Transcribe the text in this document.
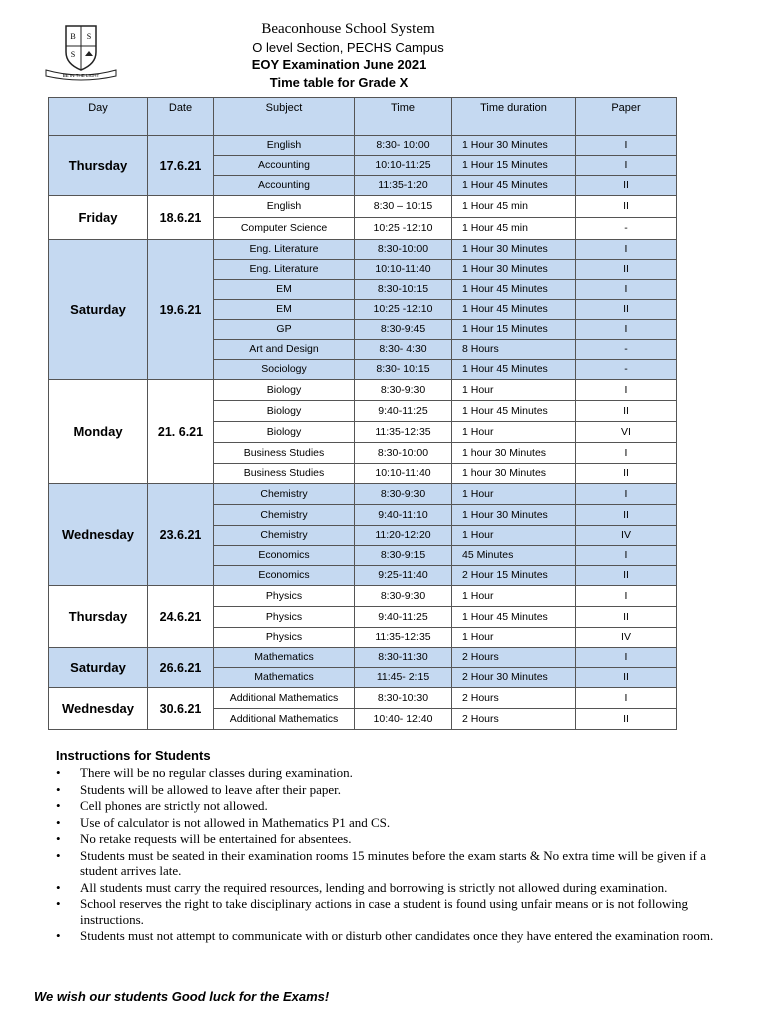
B S
S
BE IN THE LIGHT
Beaconhouse School System
O level Section, PECHS Campus
EOY Examination June 2021
Time table for Grade X
Day	Date	Subject	Time	Time duration	Paper
Thursday	17.6.21	English	8:30- 10:00	1 Hour 30 Minutes	I
		Accounting	10:10-11:25	1 Hour 15 Minutes	I
		Accounting	11:35-1:20	1 Hour 45 Minutes	II
Friday	18.6.21	English	8:30 – 10:15	1 Hour 45 min	II
		Computer Science	10:25 -12:10	1 Hour 45 min	-
Saturday	19.6.21	Eng. Literature	8:30-10:00	1 Hour 30 Minutes	I
		Eng. Literature	10:10-11:40	1 Hour 30 Minutes	II
		EM	8:30-10:15	1 Hour 45 Minutes	I
		EM	10:25 -12:10	1 Hour 45 Minutes	II
		GP	8:30-9:45	1 Hour 15 Minutes	I
		Art and Design	8:30- 4:30	8 Hours	-
		Sociology	8:30- 10:15	1 Hour 45 Minutes	-
Monday	21. 6.21	Biology	8:30-9:30	1 Hour	I
		Biology	9:40-11:25	1 Hour 45 Minutes	II
		Biology	11:35-12:35	1 Hour	VI
		Business Studies	8:30-10:00	1 hour 30 Minutes	I
		Business Studies	10:10-11:40	1 hour 30 Minutes	II
Wednesday	23.6.21	Chemistry	8:30-9:30	1 Hour	I
		Chemistry	9:40-11:10	1 Hour 30 Minutes	II
		Chemistry	11:20-12:20	1 Hour	IV
		Economics	8:30-9:15	45 Minutes	I
		Economics	9:25-11:40	2 Hour 15 Minutes	II
Thursday	24.6.21	Physics	8:30-9:30	1 Hour	I
		Physics	9:40-11:25	1 Hour 45 Minutes	II
		Physics	11:35-12:35	1 Hour	IV
Saturday	26.6.21	Mathematics	8:30-11:30	2 Hours	I
		Mathematics	11:45- 2:15	2 Hour 30 Minutes	II
Wednesday	30.6.21	Additional Mathematics	8:30-10:30	2 Hours	I
		Additional Mathematics	10:40- 12:40	2 Hours	II
Instructions for Students
• There will be no regular classes during examination.
• Students will be allowed to leave after their paper.
• Cell phones are strictly not allowed.
• Use of calculator is not allowed in Mathematics P1 and CS.
• No retake requests will be entertained for absentees.
• Students must be seated in their examination rooms 15 minutes before the exam starts & No extra time will be given if a student arrives late.
• All students must carry the required resources, lending and borrowing is strictly not allowed during examination.
• School reserves the right to take disciplinary actions in case a student is found using unfair means or is not following instructions.
• Students must not attempt to communicate with or disturb other candidates once they have entered the examination room.
We wish our students Good luck for the Exams!
